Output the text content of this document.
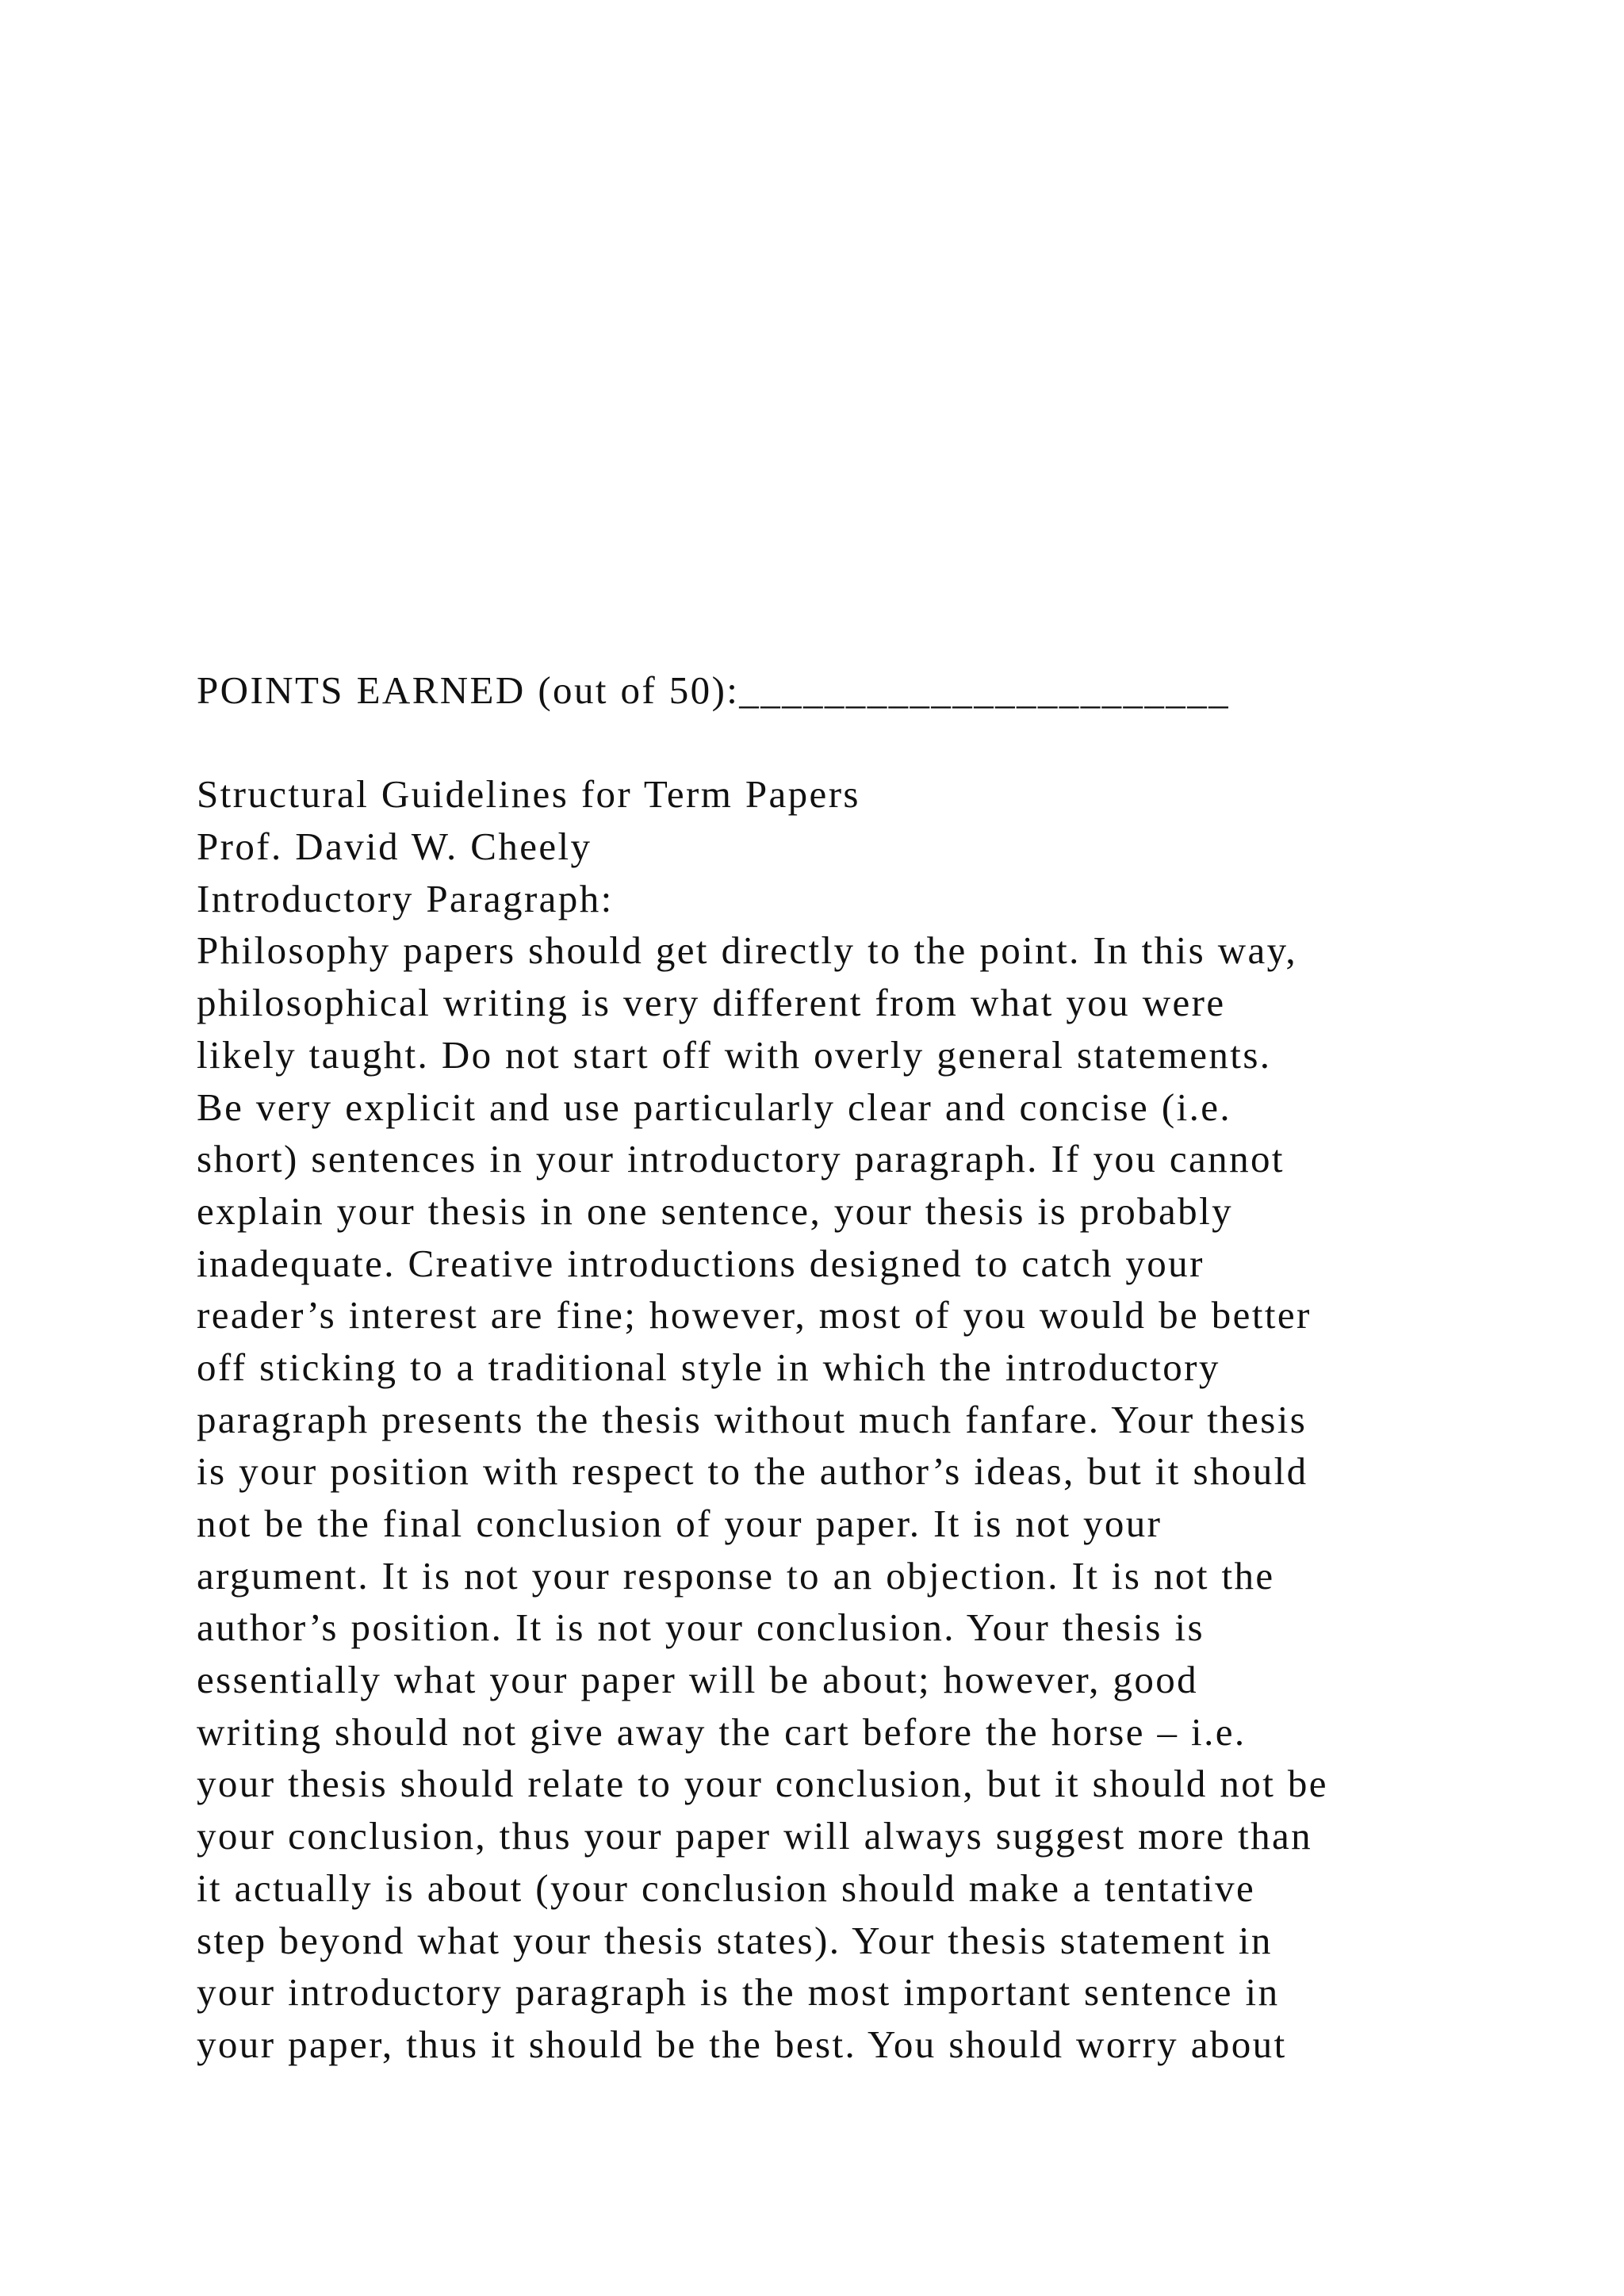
POINTS EARNED (out of 50):_______________________
Structural Guidelines for Term Papers
Prof. David W. Cheely
Introductory Paragraph:
Philosophy papers should get directly to the point. In this way,
philosophical writing is very different from what you were
likely taught. Do not start off with overly general statements.
Be very explicit and use particularly clear and concise (i.e.
short) sentences in your introductory paragraph. If you cannot
explain your thesis in one sentence, your thesis is probably
inadequate. Creative introductions designed to catch your
reader’s interest are fine; however, most of you would be better
off sticking to a traditional style in which the introductory
paragraph presents the thesis without much fanfare. Your thesis
is your position with respect to the author’s ideas, but it should
not be the final conclusion of your paper. It is not your
argument. It is not your response to an objection. It is not the
author’s position. It is not your conclusion. Your thesis is
essentially what your paper will be about; however, good
writing should not give away the cart before the horse – i.e.
your thesis should relate to your conclusion, but it should not be
your conclusion, thus your paper will always suggest more than
it actually is about (your conclusion should make a tentative
step beyond what your thesis states). Your thesis statement in
your introductory paragraph is the most important sentence in
your paper, thus it should be the best. You should worry about
